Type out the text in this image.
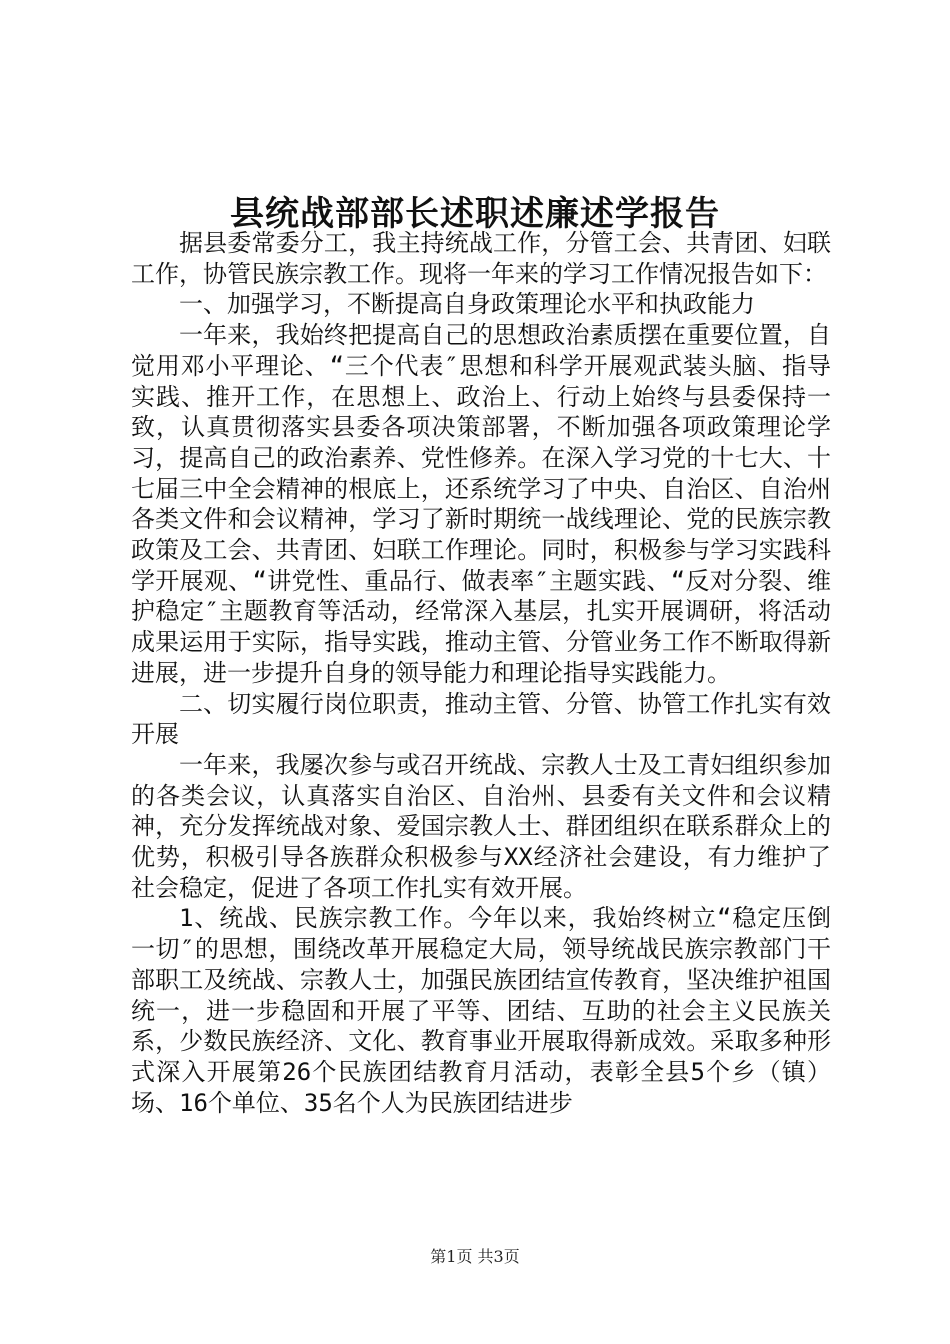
县统战部部长述职述廉述学报告

据县委常委分工，我主持统战工作，分管工会、共青团、妇联工作，协管民族宗教工作。现将一年来的学习工作情况报告如下：

一、加强学习，不断提高自身政策理论水平和执政能力

一年来，我始终把提高自己的思想政治素质摆在重要位置，自觉用邓小平理论、“三个代表″思想和科学开展观武装头脑、指导实践、推开工作，在思想上、政治上、行动上始终与县委保持一致，认真贯彻落实县委各项决策部署，不断加强各项政策理论学习，提高自己的政治素养、党性修养。在深入学习党的十七大、十七届三中全会精神的根底上，还系统学习了中央、自治区、自治州各类文件和会议精神，学习了新时期统一战线理论、党的民族宗教政策及工会、共青团、妇联工作理论。同时，积极参与学习实践科学开展观、“讲党性、重品行、做表率″主题实践、“反对分裂、维护稳定″主题教育等活动，经常深入基层，扎实开展调研，将活动成果运用于实际，指导实践，推动主管、分管业务工作不断取得新进展，进一步提升自身的领导能力和理论指导实践能力。

二、切实履行岗位职责，推动主管、分管、协管工作扎实有效开展

一年来，我屡次参与或召开统战、宗教人士及工青妇组织参加的各类会议，认真落实自治区、自治州、县委有关文件和会议精神，充分发挥统战对象、爱国宗教人士、群团组织在联系群众上的优势，积极引导各族群众积极参与XX经济社会建设，有力维护了社会稳定，促进了各项工作扎实有效开展。

1、统战、民族宗教工作。今年以来，我始终树立“稳定压倒一切″的思想，围绕改革开展稳定大局，领导统战民族宗教部门干部职工及统战、宗教人士，加强民族团结宣传教育，坚决维护祖国统一，进一步稳固和开展了平等、团结、互助的社会主义民族关系，少数民族经济、文化、教育事业开展取得新成效。采取多种形式深入开展第26个民族团结教育月活动，表彰全县5个乡（镇）场、16个单位、35名个人为民族团结进步

第1页 共3页
